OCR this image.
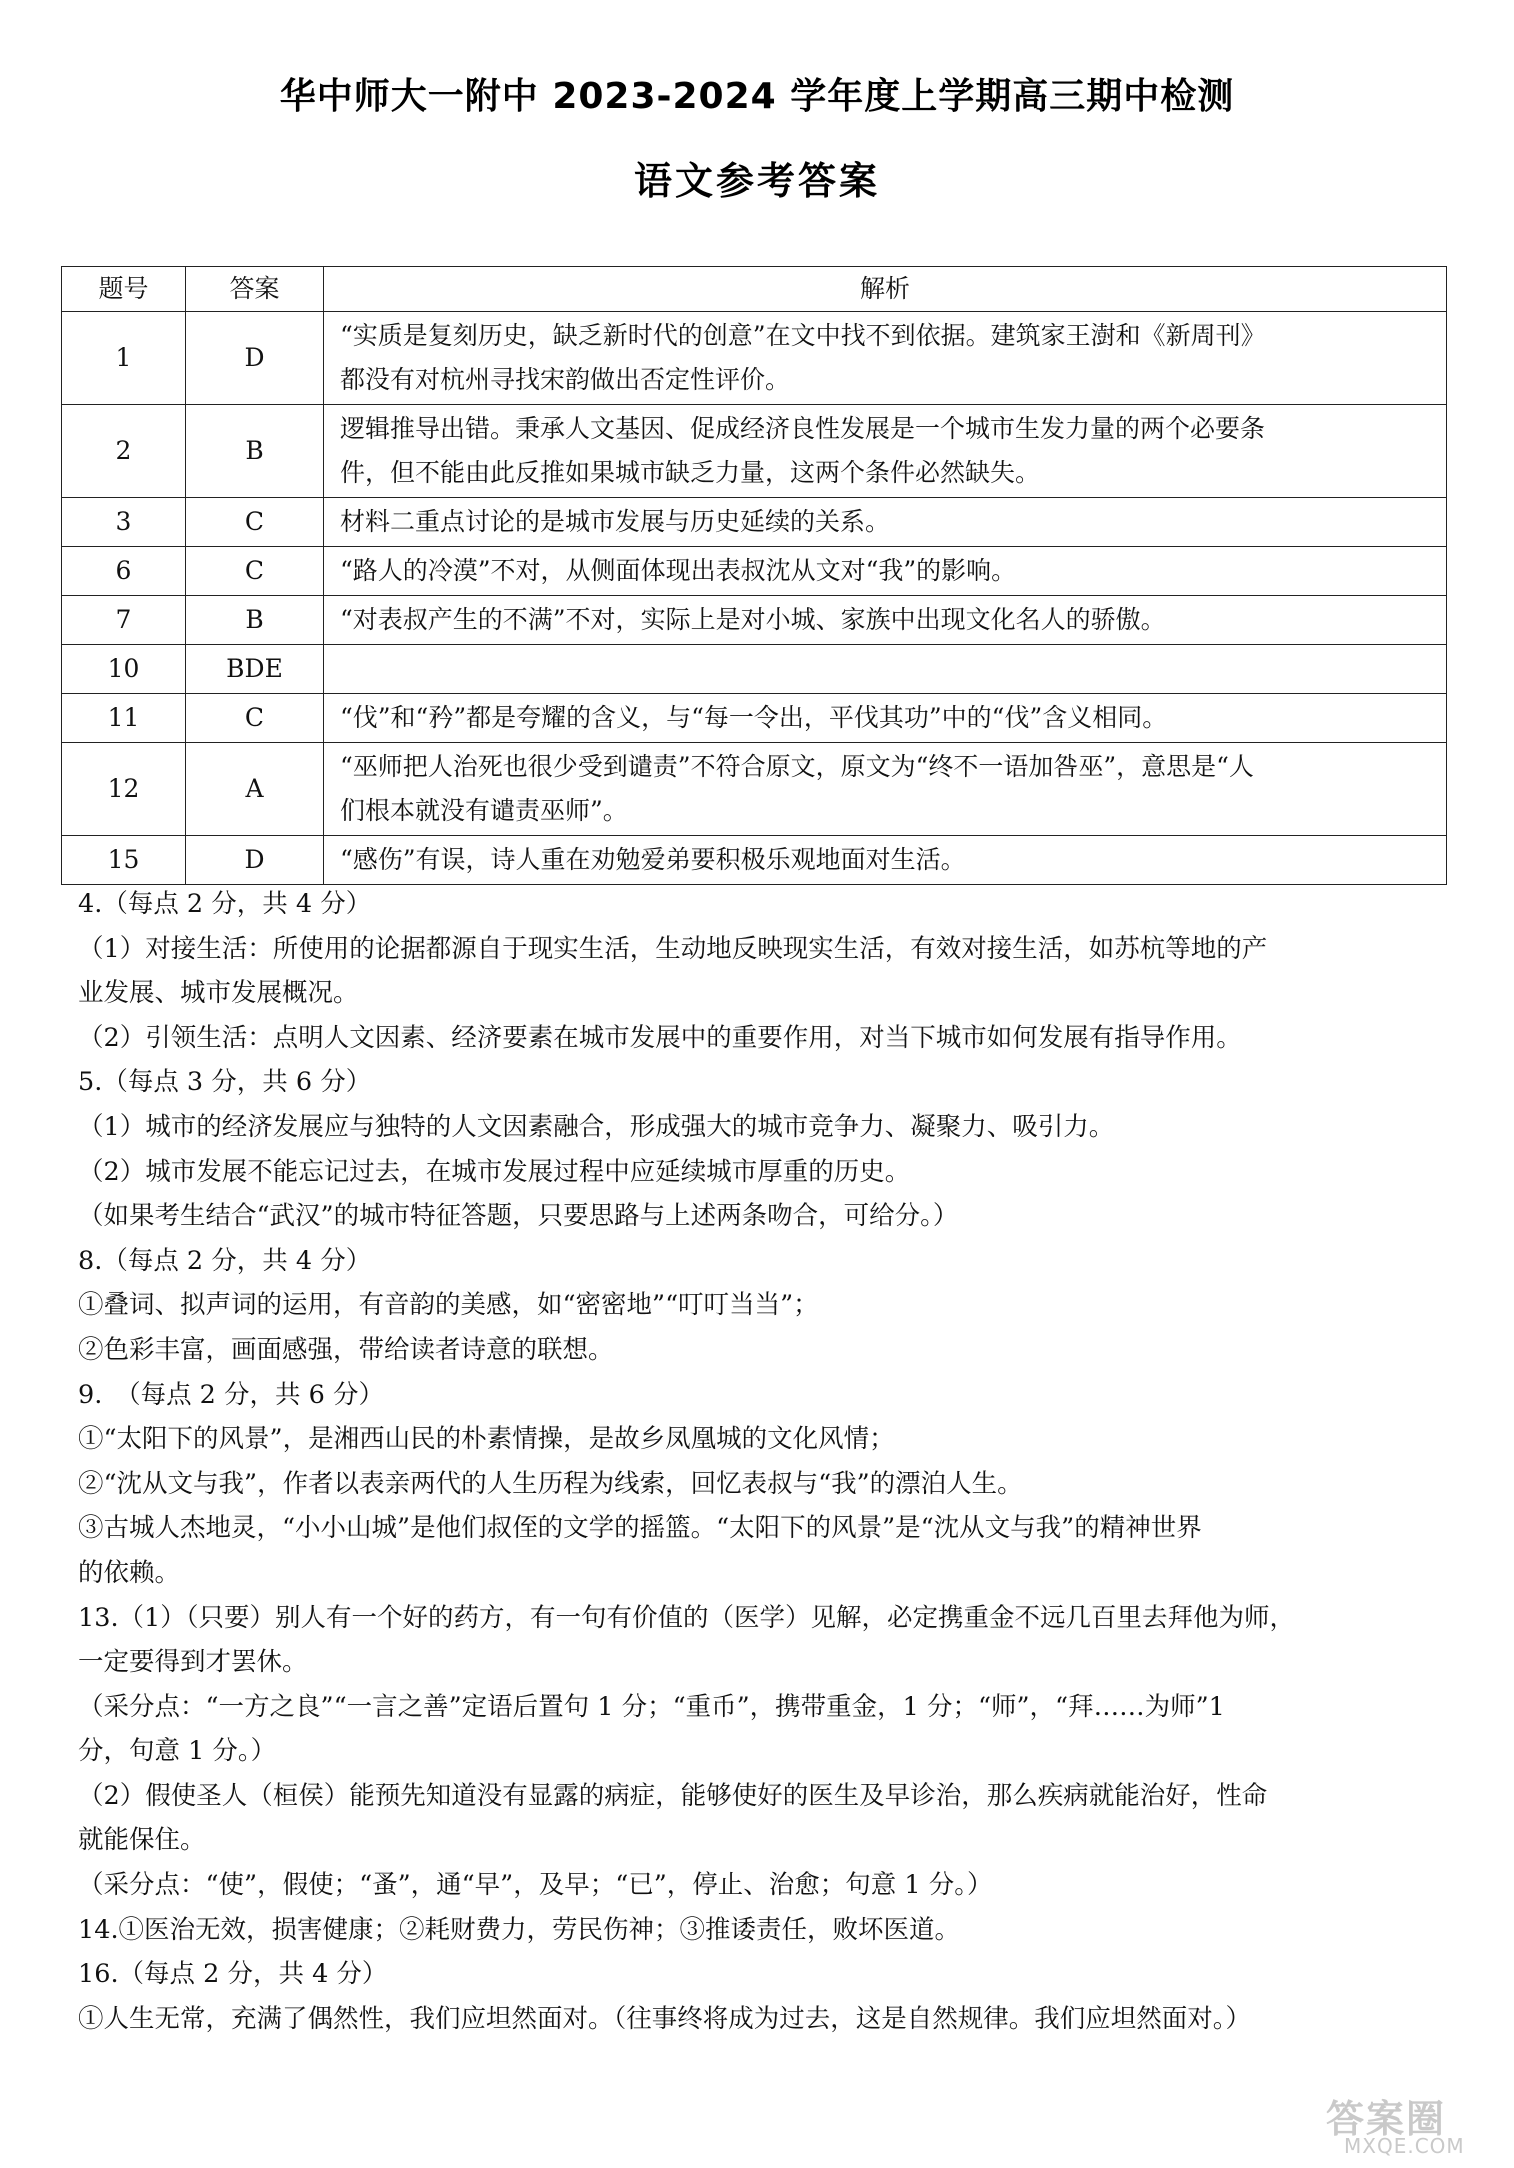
华中师大一附中 2023-2024 学年度上学期高三期中检测
语文参考答案
题号	答案	解析
1	D	“实质是复刻历史，缺乏新时代的创意”在文中找不到依据。建筑家王澍和《新周刊》
都没有对杭州寻找宋韵做出否定性评价。

2	B	逻辑推导出错。秉承人文基因、促成经济良性发展是一个城市生发力量的两个必要条
件，但不能由此反推如果城市缺乏力量，这两个条件必然缺失。

3	C	材料二重点讨论的是城市发展与历史延续的关系。

6	C	“路人的冷漠”不对，从侧面体现出表叔沈从文对“我”的影响。

7	B	“对表叔产生的不满”不对，实际上是对小城、家族中出现文化名人的骄傲。

10	BDE	

11	C	“伐”和“矜”都是夸耀的含义，与“每一令出，平伐其功”中的“伐”含义相同。

12	A	“巫师把人治死也很少受到谴责”不符合原文，原文为“终不一语加咎巫”，意思是“人
们根本就没有谴责巫师”。

15	D	“感伤”有误，诗人重在劝勉爱弟要积极乐观地面对生活。

4.（每点 2 分，共 4 分）

（1）对接生活：所使用的论据都源自于现实生活，生动地反映现实生活，有效对接生活，如苏杭等地的产

业发展、城市发展概况。

（2）引领生活：点明人文因素、经济要素在城市发展中的重要作用，对当下城市如何发展有指导作用。

5.（每点 3 分，共 6 分）

（1）城市的经济发展应与独特的人文因素融合，形成强大的城市竞争力、凝聚力、吸引力。

（2）城市发展不能忘记过去，在城市发展过程中应延续城市厚重的历史。

（如果考生结合“武汉”的城市特征答题，只要思路与上述两条吻合，可给分。）

8.（每点 2 分，共 4 分）

①叠词、拟声词的运用，有音韵的美感，如“密密地”“叮叮当当”；

②色彩丰富，画面感强，带给读者诗意的联想。

9.　（每点 2 分，共 6 分）

①“太阳下的风景”，是湘西山民的朴素情操，是故乡凤凰城的文化风情；

②“沈从文与我”，作者以表亲两代的人生历程为线索，回忆表叔与“我”的漂泊人生。

③古城人杰地灵，“小小山城”是他们叔侄的文学的摇篮。“太阳下的风景”是“沈从文与我”的精神世界

的依赖。

13.（1）（只要）别人有一个好的药方，有一句有价值的（医学）见解，必定携重金不远几百里去拜他为师，

一定要得到才罢休。

（采分点：“一方之良”“一言之善”定语后置句 1 分；“重币”，携带重金，1 分；“师”，“拜……为师”1

分，句意 1 分。）

（2）假使圣人（桓侯）能预先知道没有显露的病症，能够使好的医生及早诊治，那么疾病就能治好，性命

就能保住。

（采分点：“使”，假使；“蚤”，通“早”，及早；“已”，停止、治愈；句意 1 分。）

14.①医治无效，损害健康；②耗财费力，劳民伤神；③推诿责任，败坏医道。

16.（每点 2 分，共 4 分）

①人生无常，充满了偶然性，我们应坦然面对。（往事终将成为过去，这是自然规律。我们应坦然面对。）

答案圈
MXQE.COM
